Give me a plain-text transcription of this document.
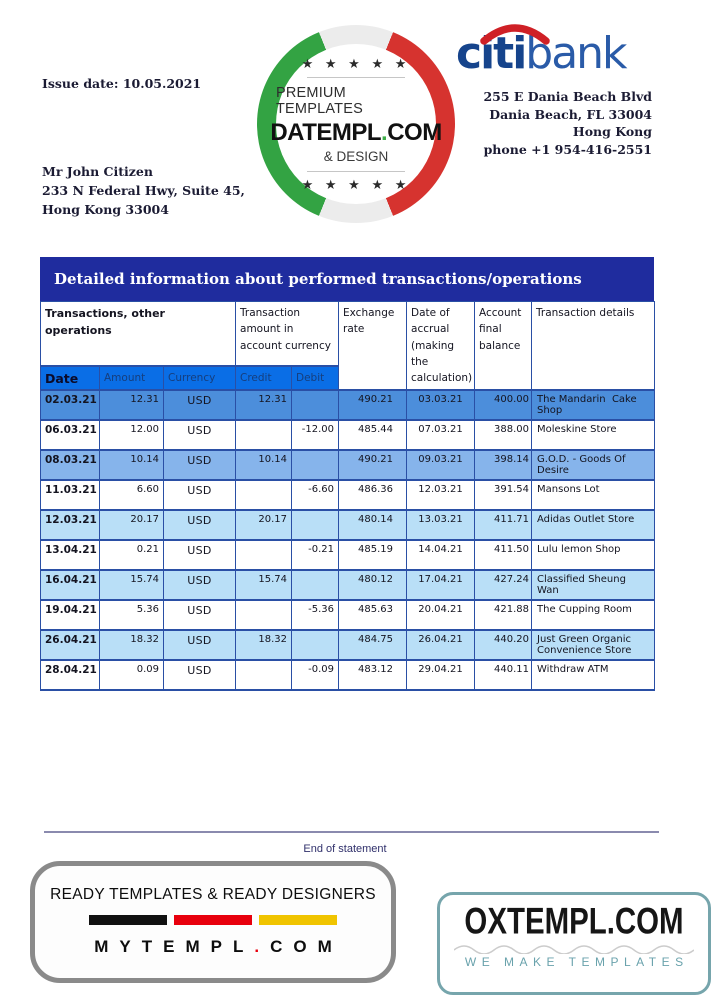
Issue date: 10.05.2021
Mr John Citizen
233 N Federal Hwy, Suite 45,
Hong Kong 33004
★ ★ ★ ★ ★
PREMIUM TEMPLATES
DATEMPL.COM
& DESIGN
★ ★ ★ ★ ★
citibank
255 E Dania Beach Blvd
Dania Beach, FL 33004
Hong Kong
phone +1 954-416-2551
Detailed information about performed transactions/operations
Transactions, other operations			Transaction amount in account currency		Exchange rate	Date of accrual (making the calculation)	Account final balance	Transaction details
Date	Amount	Currency	Credit	Debit				
02.03.21	12.31	USD	12.31		490.21	03.03.21	400.00	The Mandarin  Cake Shop
06.03.21	12.00	USD		-12.00	485.44	07.03.21	388.00	Moleskine Store
08.03.21	10.14	USD	10.14		490.21	09.03.21	398.14	G.O.D. - Goods Of Desire
11.03.21	6.60	USD		-6.60	486.36	12.03.21	391.54	Mansons Lot
12.03.21	20.17	USD	20.17		480.14	13.03.21	411.71	Adidas Outlet Store
13.04.21	0.21	USD		-0.21	485.19	14.04.21	411.50	Lulu lemon Shop
16.04.21	15.74	USD	15.74		480.12	17.04.21	427.24	Classified Sheung Wan
19.04.21	5.36	USD		-5.36	485.63	20.04.21	421.88	The Cupping Room
26.04.21	18.32	USD	18.32		484.75	26.04.21	440.20	Just Green Organic Convenience Store
28.04.21	0.09	USD		-0.09	483.12	29.04.21	440.11	Withdraw ATM
End of statement
READY TEMPLATES & READY DESIGNERS
MYTEMPL.COM
OXTEMPL.COM
WE MAKE TEMPLATES
